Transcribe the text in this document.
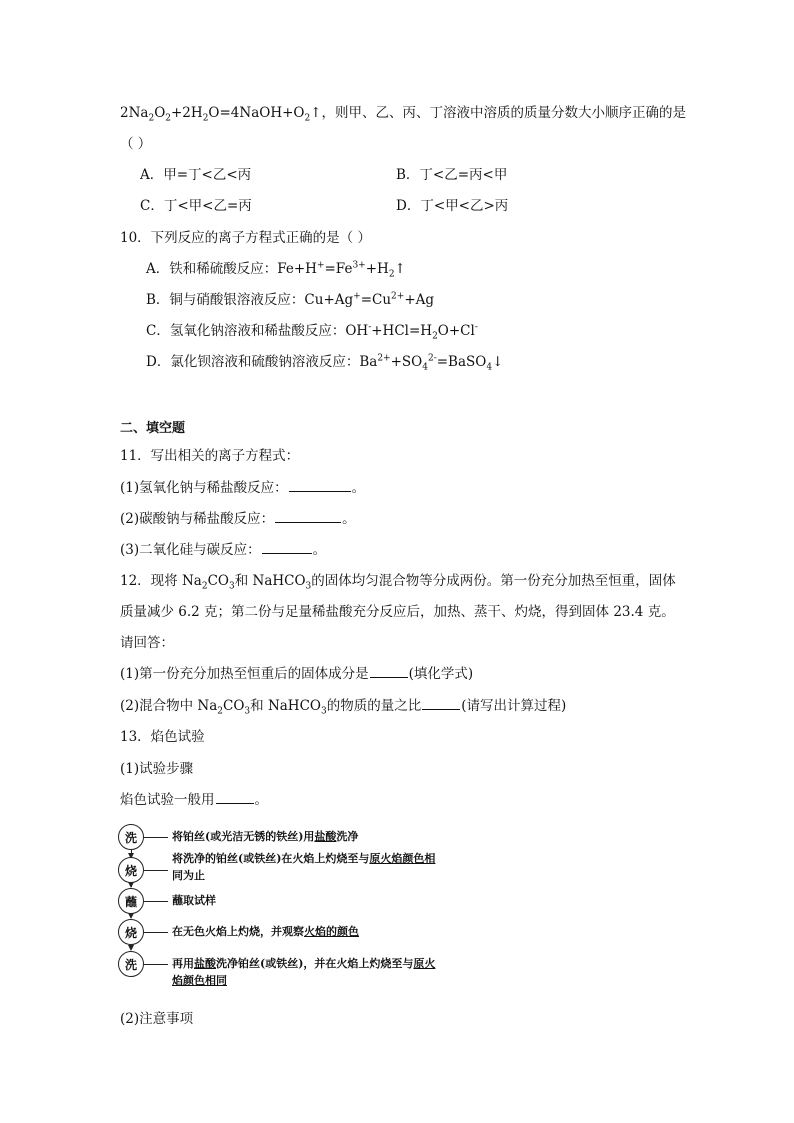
$2Na_2O_2+2H_2O=4NaOH+O_2↑$，则甲、乙、丙、丁溶液中溶质的质量分数大小顺序正确的是
（ ）
A．甲=丁<乙<丙	B．丁<乙=丙<甲
C．丁<甲<乙=丙	D．丁<甲<乙>丙
10．下列反应的离子方程式正确的是（ ）
A．铁和稀硫酸反应：$Fe+H^+=Fe^{3+}+H_2↑$
B．铜与硝酸银溶液反应：$Cu+Ag^+=Cu^{2+}+Ag$
C．氢氧化钠溶液和稀盐酸反应：$OH^-+HCl=H_2O+Cl^-$
D．氯化钡溶液和硫酸钠溶液反应：$Ba^{2+}+SO_4^{2-}=BaSO_4↓$
二、填空题
11．写出相关的离子方程式：
(1)氢氧化钠与稀盐酸反应：	。
(2)碳酸钠与稀盐酸反应：	。
(3)二氧化硅与碳反应：	。
12．现将 $Na_2CO_3$和 NaHCO$_3$的固体均匀混合物等分成两份。第一份充分加热至恒重，固体
质量减少 6.2 克；第二份与足量稀盐酸充分反应后，加热、蒸干、灼烧，得到固体 23.4 克。
请回答：
(1)第一份充分加热至恒重后的固体成分是	(填化学式)
(2)混合物中 $Na_2CO_3$和 NaHCO$_3$的物质的量之比	(请写出计算过程)
13．焰色试验
(1)试验步骤
焰色试验一般用	。
洗
烧
蘸
烧
洗
将铂丝(或光洁无锈的铁丝)用盐酸洗净
将洗净的铂丝(或铁丝)在火焰上灼烧至与原火焰颜色相
同为止
蘸取试样
在无色火焰上灼烧，并观察火焰的颜色
再用盐酸洗净铂丝(或铁丝)，并在火焰上灼烧至与原火
焰颜色相同
(2)注意事项
